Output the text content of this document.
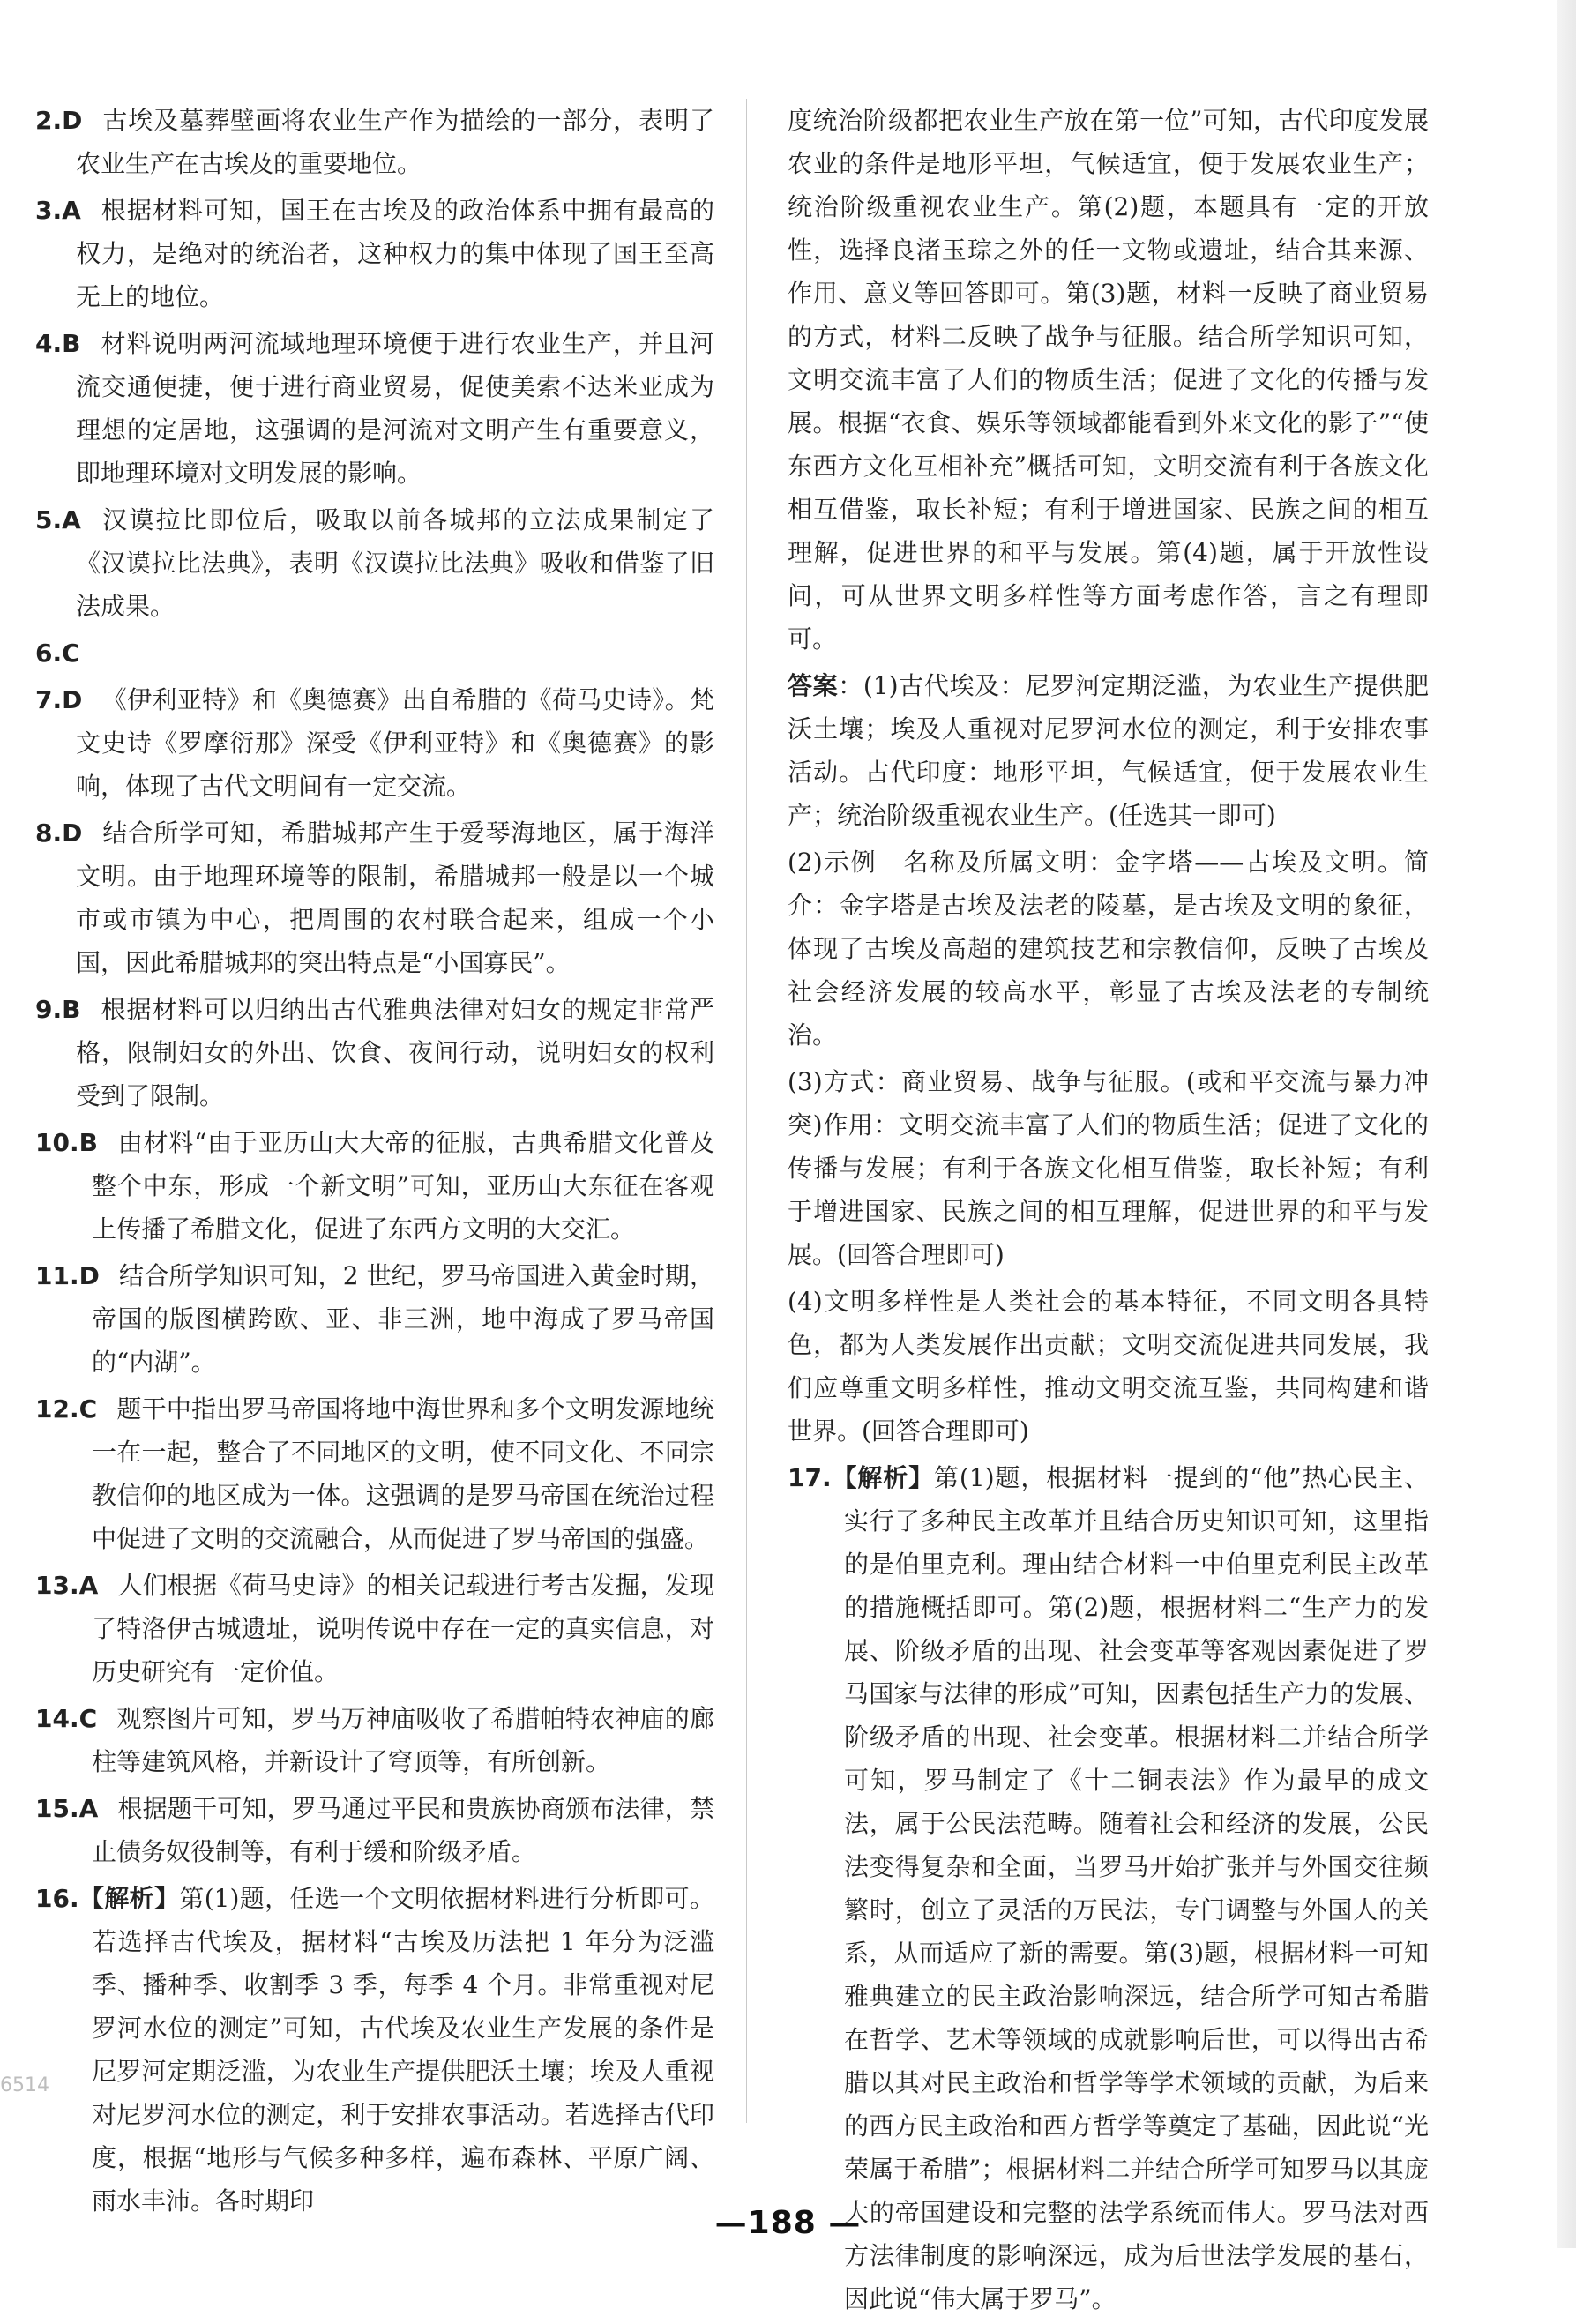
2.D 古埃及墓葬壁画将农业生产作为描绘的一部分，表明了农业生产在古埃及的重要地位。

3.A 根据材料可知，国王在古埃及的政治体系中拥有最高的权力，是绝对的统治者，这种权力的集中体现了国王至高无上的地位。

4.B 材料说明两河流域地理环境便于进行农业生产，并且河流交通便捷，便于进行商业贸易，促使美索不达米亚成为理想的定居地，这强调的是河流对文明产生有重要意义，即地理环境对文明发展的影响。

5.A 汉谟拉比即位后，吸取以前各城邦的立法成果制定了《汉谟拉比法典》，表明《汉谟拉比法典》吸收和借鉴了旧法成果。

6.C

7.D 《伊利亚特》和《奥德赛》出自希腊的《荷马史诗》。梵文史诗《罗摩衍那》深受《伊利亚特》和《奥德赛》的影响，体现了古代文明间有一定交流。

8.D 结合所学可知，希腊城邦产生于爱琴海地区，属于海洋文明。由于地理环境等的限制，希腊城邦一般是以一个城市或市镇为中心，把周围的农村联合起来，组成一个小国，因此希腊城邦的突出特点是“小国寡民”。

9.B 根据材料可以归纳出古代雅典法律对妇女的规定非常严格，限制妇女的外出、饮食、夜间行动，说明妇女的权利受到了限制。

10.B 由材料“由于亚历山大大帝的征服，古典希腊文化普及整个中东，形成一个新文明”可知，亚历山大东征在客观上传播了希腊文化，促进了东西方文明的大交汇。

11.D 结合所学知识可知，2 世纪，罗马帝国进入黄金时期，帝国的版图横跨欧、亚、非三洲，地中海成了罗马帝国的“内湖”。

12.C 题干中指出罗马帝国将地中海世界和多个文明发源地统一在一起，整合了不同地区的文明，使不同文化、不同宗教信仰的地区成为一体。这强调的是罗马帝国在统治过程中促进了文明的交流融合，从而促进了罗马帝国的强盛。

13.A 人们根据《荷马史诗》的相关记载进行考古发掘，发现了特洛伊古城遗址，说明传说中存在一定的真实信息，对历史研究有一定价值。

14.C 观察图片可知，罗马万神庙吸收了希腊帕特农神庙的廊柱等建筑风格，并新设计了穹顶等，有所创新。

15.A 根据题干可知，罗马通过平民和贵族协商颁布法律，禁止债务奴役制等，有利于缓和阶级矛盾。

16.【解析】第(1)题，任选一个文明依据材料进行分析即可。若选择古代埃及，据材料“古埃及历法把 1 年分为泛滥季、播种季、收割季 3 季，每季 4 个月。非常重视对尼罗河水位的测定”可知，古代埃及农业生产发展的条件是尼罗河定期泛滥，为农业生产提供肥沃土壤；埃及人重视对尼罗河水位的测定，利于安排农事活动。若选择古代印度，根据“地形与气候多种多样，遍布森林、平原广阔、雨水丰沛。各时期印

度统治阶级都把农业生产放在第一位”可知，古代印度发展农业的条件是地形平坦，气候适宜，便于发展农业生产；统治阶级重视农业生产。第(2)题，本题具有一定的开放性，选择良渚玉琮之外的任一文物或遗址，结合其来源、作用、意义等回答即可。第(3)题，材料一反映了商业贸易的方式，材料二反映了战争与征服。结合所学知识可知，文明交流丰富了人们的物质生活；促进了文化的传播与发展。根据“衣食、娱乐等领域都能看到外来文化的影子”“使东西方文化互相补充”概括可知，文明交流有利于各族文化相互借鉴，取长补短；有利于增进国家、民族之间的相互理解，促进世界的和平与发展。第(4)题，属于开放性设问，可从世界文明多样性等方面考虑作答，言之有理即可。

答案：(1)古代埃及：尼罗河定期泛滥，为农业生产提供肥沃土壤；埃及人重视对尼罗河水位的测定，利于安排农事活动。古代印度：地形平坦，气候适宜，便于发展农业生产；统治阶级重视农业生产。(任选其一即可)

(2)示例　名称及所属文明：金字塔——古埃及文明。简介：金字塔是古埃及法老的陵墓，是古埃及文明的象征，体现了古埃及高超的建筑技艺和宗教信仰，反映了古埃及社会经济发展的较高水平，彰显了古埃及法老的专制统治。

(3)方式：商业贸易、战争与征服。(或和平交流与暴力冲突)作用：文明交流丰富了人们的物质生活；促进了文化的传播与发展；有利于各族文化相互借鉴，取长补短；有利于增进国家、民族之间的相互理解，促进世界的和平与发展。(回答合理即可)

(4)文明多样性是人类社会的基本特征，不同文明各具特色，都为人类发展作出贡献；文明交流促进共同发展，我们应尊重文明多样性，推动文明交流互鉴，共同构建和谐世界。(回答合理即可)

17.【解析】第(1)题，根据材料一提到的“他”热心民主、实行了多种民主改革并且结合历史知识可知，这里指的是伯里克利。理由结合材料一中伯里克利民主改革的措施概括即可。第(2)题，根据材料二“生产力的发展、阶级矛盾的出现、社会变革等客观因素促进了罗马国家与法律的形成”可知，因素包括生产力的发展、阶级矛盾的出现、社会变革。根据材料二并结合所学可知，罗马制定了《十二铜表法》作为最早的成文法，属于公民法范畴。随着社会和经济的发展，公民法变得复杂和全面，当罗马开始扩张并与外国交往频繁时，创立了灵活的万民法，专门调整与外国人的关系，从而适应了新的需要。第(3)题，根据材料一可知雅典建立的民主政治影响深远，结合所学可知古希腊在哲学、艺术等领域的成就影响后世，可以得出古希腊以其对民主政治和哲学等学术领域的贡献，为后来的西方民主政治和西方哲学等奠定了基础，因此说“光荣属于希腊”；根据材料二并结合所学可知罗马以其庞大的帝国建设和完整的法学系统而伟大。罗马法对西方法律制度的影响深远，成为后世法学发展的基石，因此说“伟大属于罗马”。

6514
—188 —
